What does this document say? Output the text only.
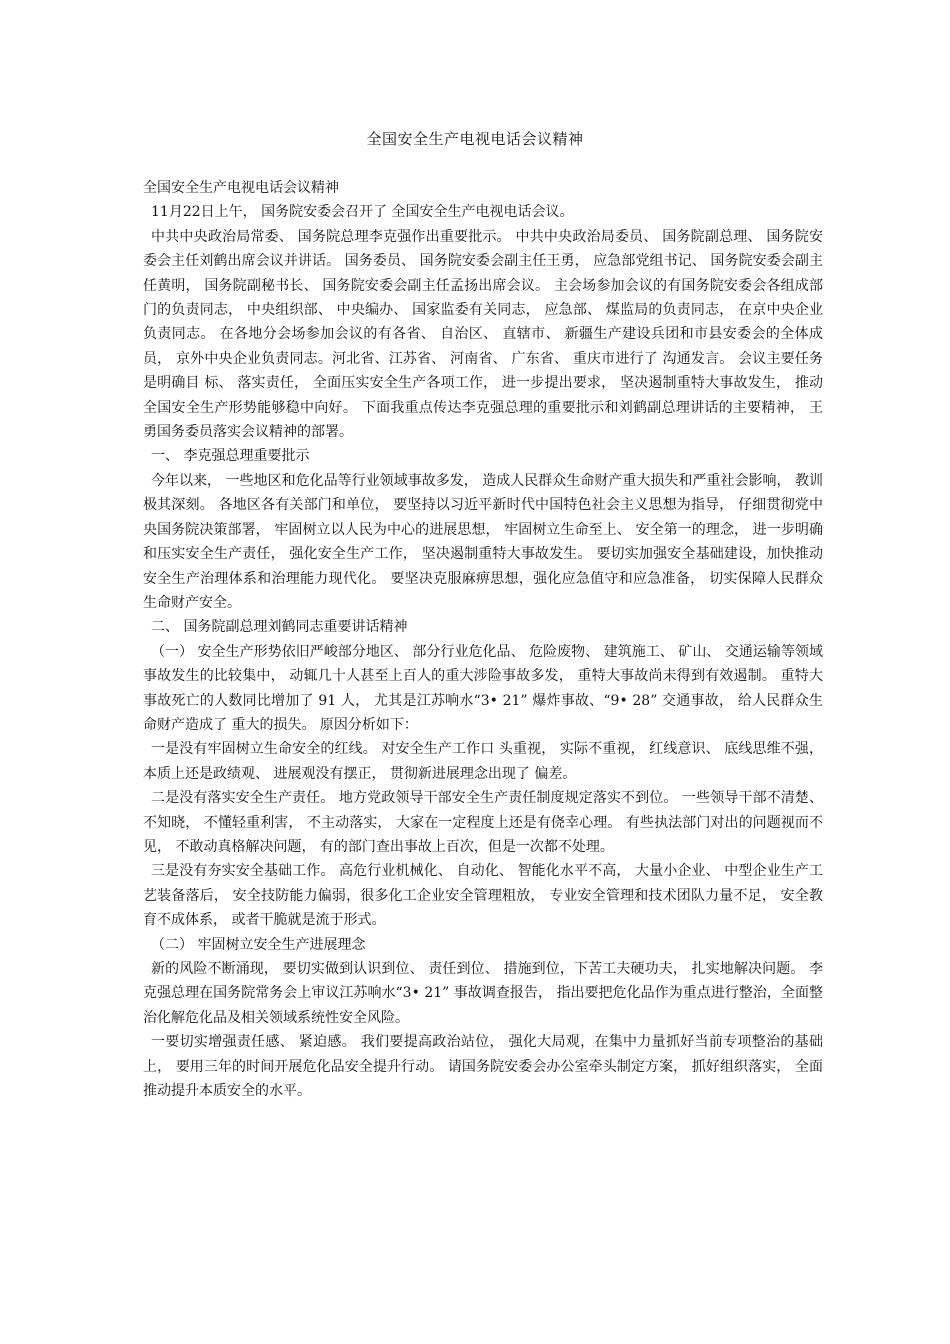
全国安全生产电视电话会议精神

全国安全生产电视电话会议精神

11月22日上午， 国务院安委会召开了 全国安全生产电视电话会议。

中共中央政治局常委、 国务院总理李克强作出重要批示。 中共中央政治局委员、 国务院副总理、 国务院安委会主任刘鹤出席会议并讲话。 国务委员、 国务院安委会副主任王勇， 应急部党组书记、 国务院安委会副主任黄明， 国务院副秘书长、 国务院安委会副主任孟扬出席会议。 主会场参加会议的有国务院安委会各组成部门的负责同志， 中央组织部、 中央编办、 国家监委有关同志， 应急部、 煤监局的负责同志， 在京中央企业负责同志。 在各地分会场参加会议的有各省、 自治区、 直辖市、 新疆生产建设兵团和市县安委会的全体成员， 京外中央企业负责同志。河北省、江苏省、 河南省、 广东省、 重庆市进行了 沟通发言。 会议主要任务是明确目 标、 落实责任， 全面压实安全生产各项工作， 进一步提出要求， 坚决遏制重特大事故发生， 推动全国安全生产形势能够稳中向好。 下面我重点传达李克强总理的重要批示和刘鹤副总理讲话的主要精神， 王勇国务委员落实会议精神的部署。

一、 李克强总理重要批示

今年以来， 一些地区和危化品等行业领域事故多发， 造成人民群众生命财产重大损失和严重社会影响， 教训极其深刻。 各地区各有关部门和单位， 要坚持以习近平新时代中国特色社会主义思想为指导， 仔细贯彻党中央国务院决策部署， 牢固树立以人民为中心的进展思想， 牢固树立生命至上、 安全第一的理念， 进一步明确和压实安全生产责任， 强化安全生产工作， 坚决遏制重特大事故发生。 要切实加强安全基础建设，加快推动安全生产治理体系和治理能力现代化。 要坚决克服麻痹思想，强化应急值守和应急准备， 切实保障人民群众生命财产安全。

二、 国务院副总理刘鹤同志重要讲话精神

（一） 安全生产形势依旧严峻部分地区、 部分行业危化品、 危险废物、 建筑施工、 矿山、 交通运输等领域事故发生的比较集中， 动辄几十人甚至上百人的重大涉险事故多发， 重特大事故尚未得到有效遏制。 重特大事故死亡的人数同比增加了 91 人， 尤其是江苏响水“3• 21” 爆炸事故、“9• 28” 交通事故， 给人民群众生命财产造成了 重大的损失。 原因分析如下：

一是没有牢固树立生命安全的红线。 对安全生产工作口 头重视， 实际不重视， 红线意识、 底线思维不强， 本质上还是政绩观、 进展观没有摆正， 贯彻新进展理念出现了 偏差。

二是没有落实安全生产责任。 地方党政领导干部安全生产责任制度规定落实不到位。 一些领导干部不清楚、 不知晓， 不懂轻重利害， 不主动落实， 大家在一定程度上还是有侥幸心理。 有些执法部门对出的问题视而不见， 不敢动真格解决问题， 有的部门查出事故上百次，但是一次都不处理。

三是没有夯实安全基础工作。 高危行业机械化、 自动化、 智能化水平不高， 大量小企业、 中型企业生产工艺装备落后， 安全技防能力偏弱，很多化工企业安全管理粗放， 专业安全管理和技术团队力量不足， 安全教育不成体系， 或者干脆就是流于形式。

（二） 牢固树立安全生产进展理念

新的风险不断涌现， 要切实做到认识到位、 责任到位、 措施到位，下苦工夫硬功夫， 扎实地解决问题。 李克强总理在国务院常务会上审议江苏响水“3• 21” 事故调查报告， 指出要把危化品作为重点进行整治，全面整治化解危化品及相关领域系统性安全风险。

一要切实增强责任感、 紧迫感。 我们要提高政治站位， 强化大局观，在集中力量抓好当前专项整治的基础上， 要用三年的时间开展危化品安全提升行动。 请国务院安委会办公室牵头制定方案， 抓好组织落实， 全面推动提升本质安全的水平。
